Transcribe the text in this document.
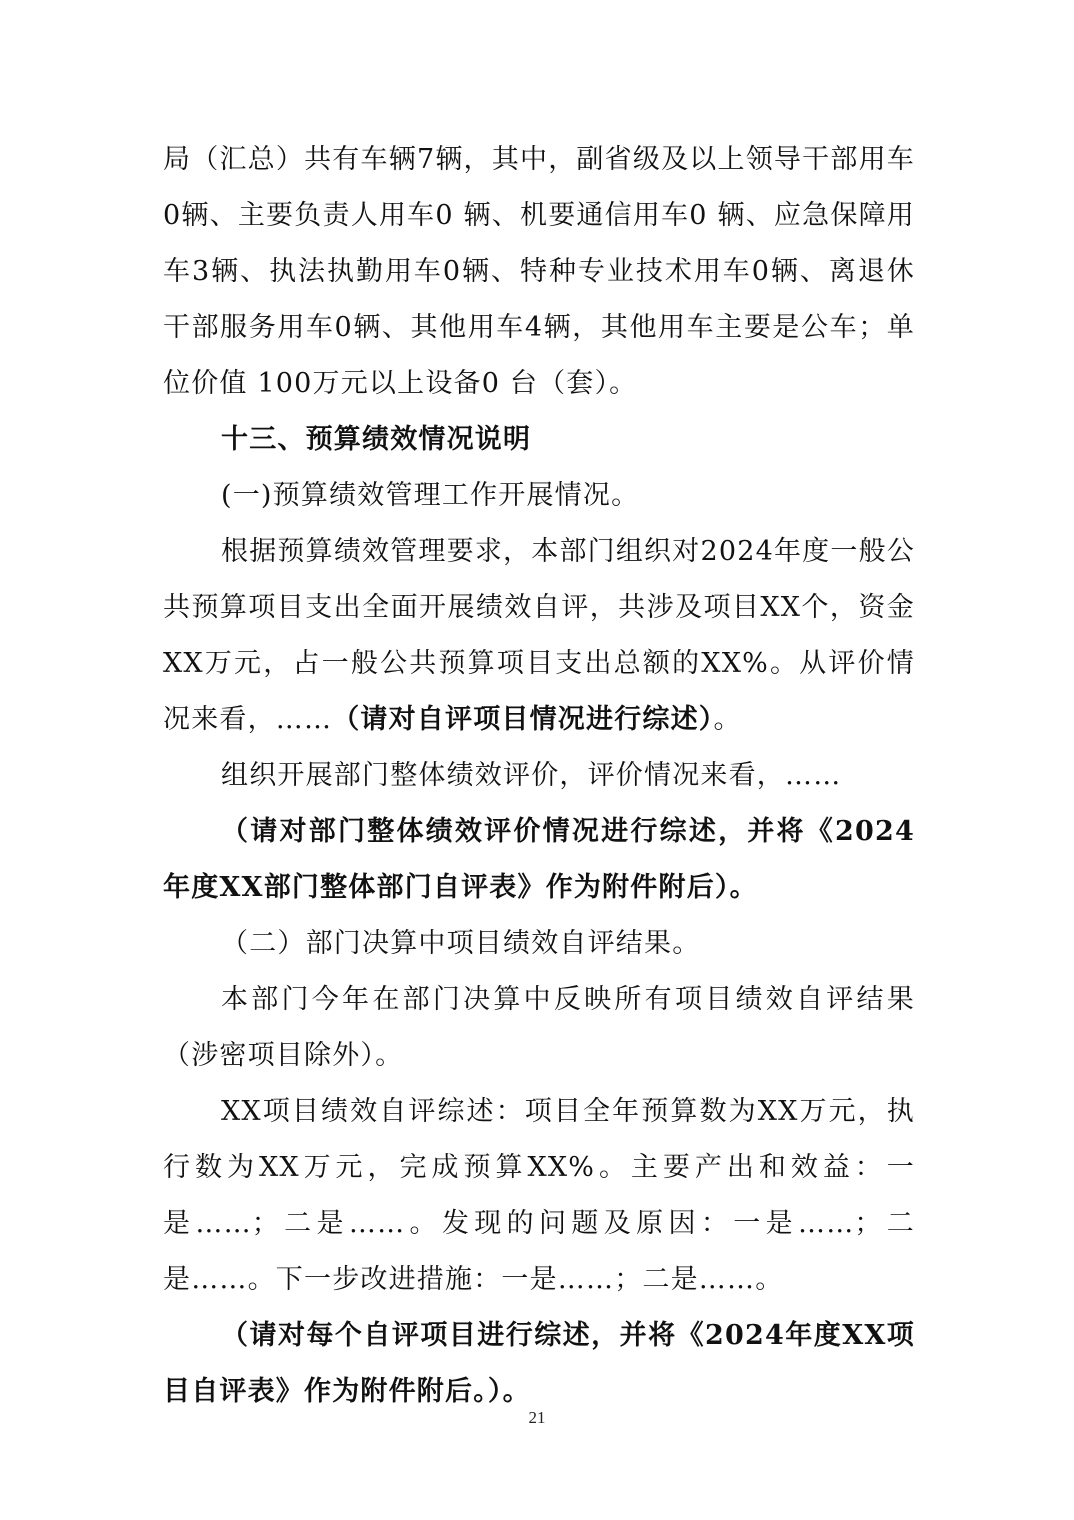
局（汇总）共有车辆7辆，其中，副省级及以上领导干部用车0辆、主要负责人用车0 辆、机要通信用车0 辆、应急保障用车3辆、执法执勤用车0辆、特种专业技术用车0辆、离退休干部服务用车0辆、其他用车4辆，其他用车主要是公车；单位价值 100万元以上设备0 台（套）。

十三、预算绩效情况说明

(一)预算绩效管理工作开展情况。

根据预算绩效管理要求，本部门组织对2024年度一般公共预算项目支出全面开展绩效自评，共涉及项目XX个，资金XX万元，占一般公共预算项目支出总额的XX%。从评价情况来看，……（请对自评项目情况进行综述）。

组织开展部门整体绩效评价，评价情况来看，……

（请对部门整体绩效评价情况进行综述，并将《2024年度XX部门整体部门自评表》作为附件附后）。

（二）部门决算中项目绩效自评结果。

本部门今年在部门决算中反映所有项目绩效自评结果（涉密项目除外）。

XX项目绩效自评综述：项目全年预算数为XX万元，执行数为XX万元，完成预算XX%。主要产出和效益：一是……；二是……。发现的问题及原因：一是……；二是……。下一步改进措施：一是……；二是……。

（请对每个自评项目进行综述，并将《2024年度XX项目自评表》作为附件附后。）。

21
